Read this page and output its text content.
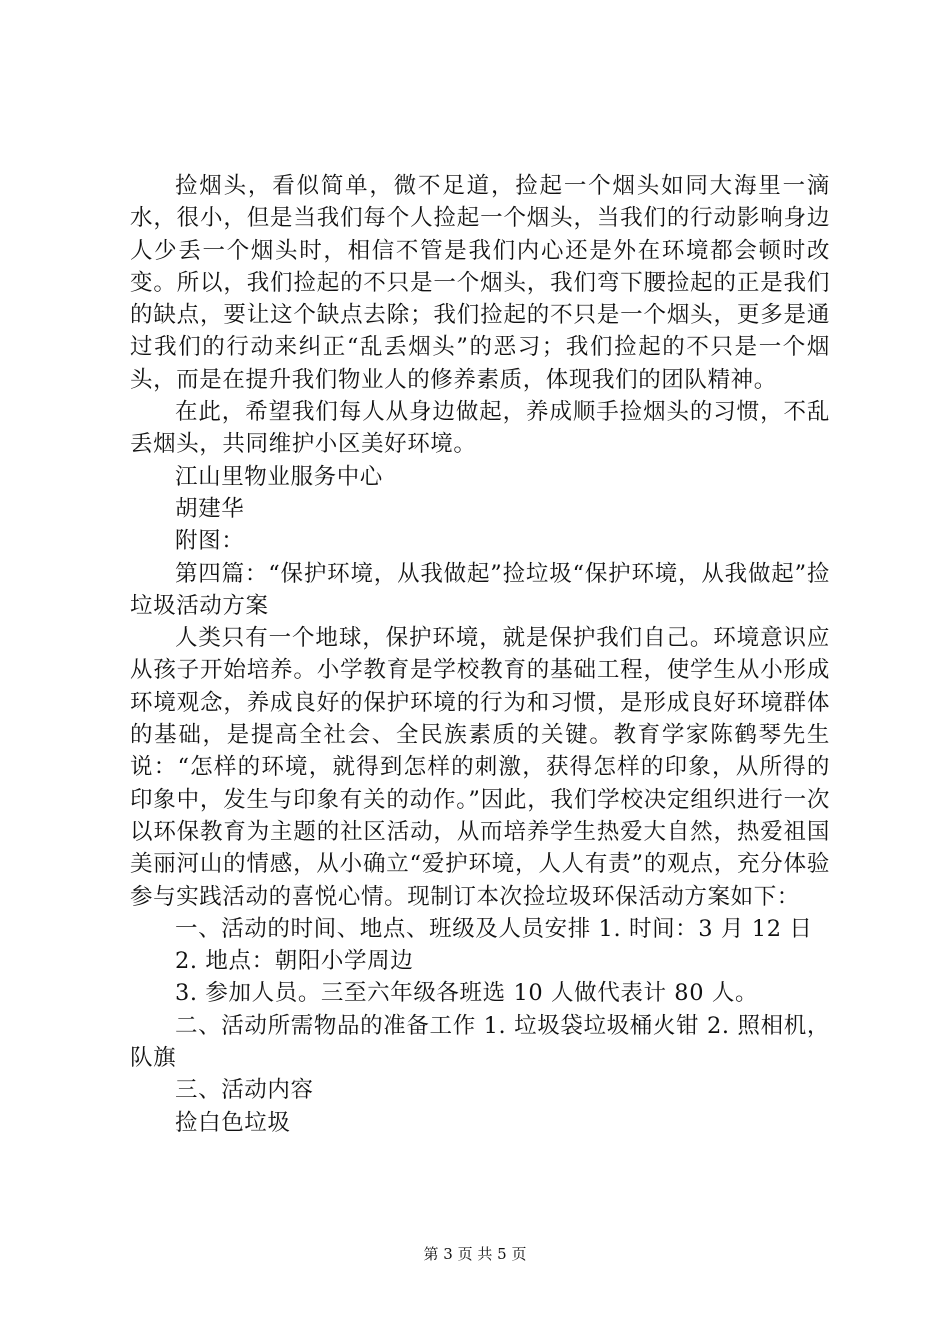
捡烟头，看似简单，微不足道，捡起一个烟头如同大海里一滴水，很小，但是当我们每个人捡起一个烟头，当我们的行动影响身边人少丢一个烟头时，相信不管是我们内心还是外在环境都会顿时改变。所以，我们捡起的不只是一个烟头，我们弯下腰捡起的正是我们的缺点，要让这个缺点去除；我们捡起的不只是一个烟头，更多是通过我们的行动来纠正“乱丢烟头”的恶习；我们捡起的不只是一个烟头，而是在提升我们物业人的修养素质，体现我们的团队精神。

在此，希望我们每人从身边做起，养成顺手捡烟头的习惯，不乱丢烟头，共同维护小区美好环境。

江山里物业服务中心

胡建华

附图：

第四篇：“保护环境，从我做起”捡垃圾“保护环境，从我做起”捡垃圾活动方案

人类只有一个地球，保护环境，就是保护我们自己。环境意识应从孩子开始培养。小学教育是学校教育的基础工程，使学生从小形成环境观念，养成良好的保护环境的行为和习惯，是形成良好环境群体的基础，是提高全社会、全民族素质的关键。教育学家陈鹤琴先生说：“怎样的环境，就得到怎样的刺激，获得怎样的印象，从所得的印象中，发生与印象有关的动作。”因此，我们学校决定组织进行一次以环保教育为主题的社区活动，从而培养学生热爱大自然，热爱祖国美丽河山的情感，从小确立“爱护环境，人人有责”的观点，充分体验参与实践活动的喜悦心情。现制订本次捡垃圾环保活动方案如下：

一、活动的时间、地点、班级及人员安排 1. 时间：3 月 12 日

2. 地点：朝阳小学周边

3. 参加人员。三至六年级各班选 10 人做代表计 80 人。

二、活动所需物品的准备工作 1. 垃圾袋垃圾桶火钳 2. 照相机，队旗

三、活动内容

捡白色垃圾

第 3 页 共 5 页
